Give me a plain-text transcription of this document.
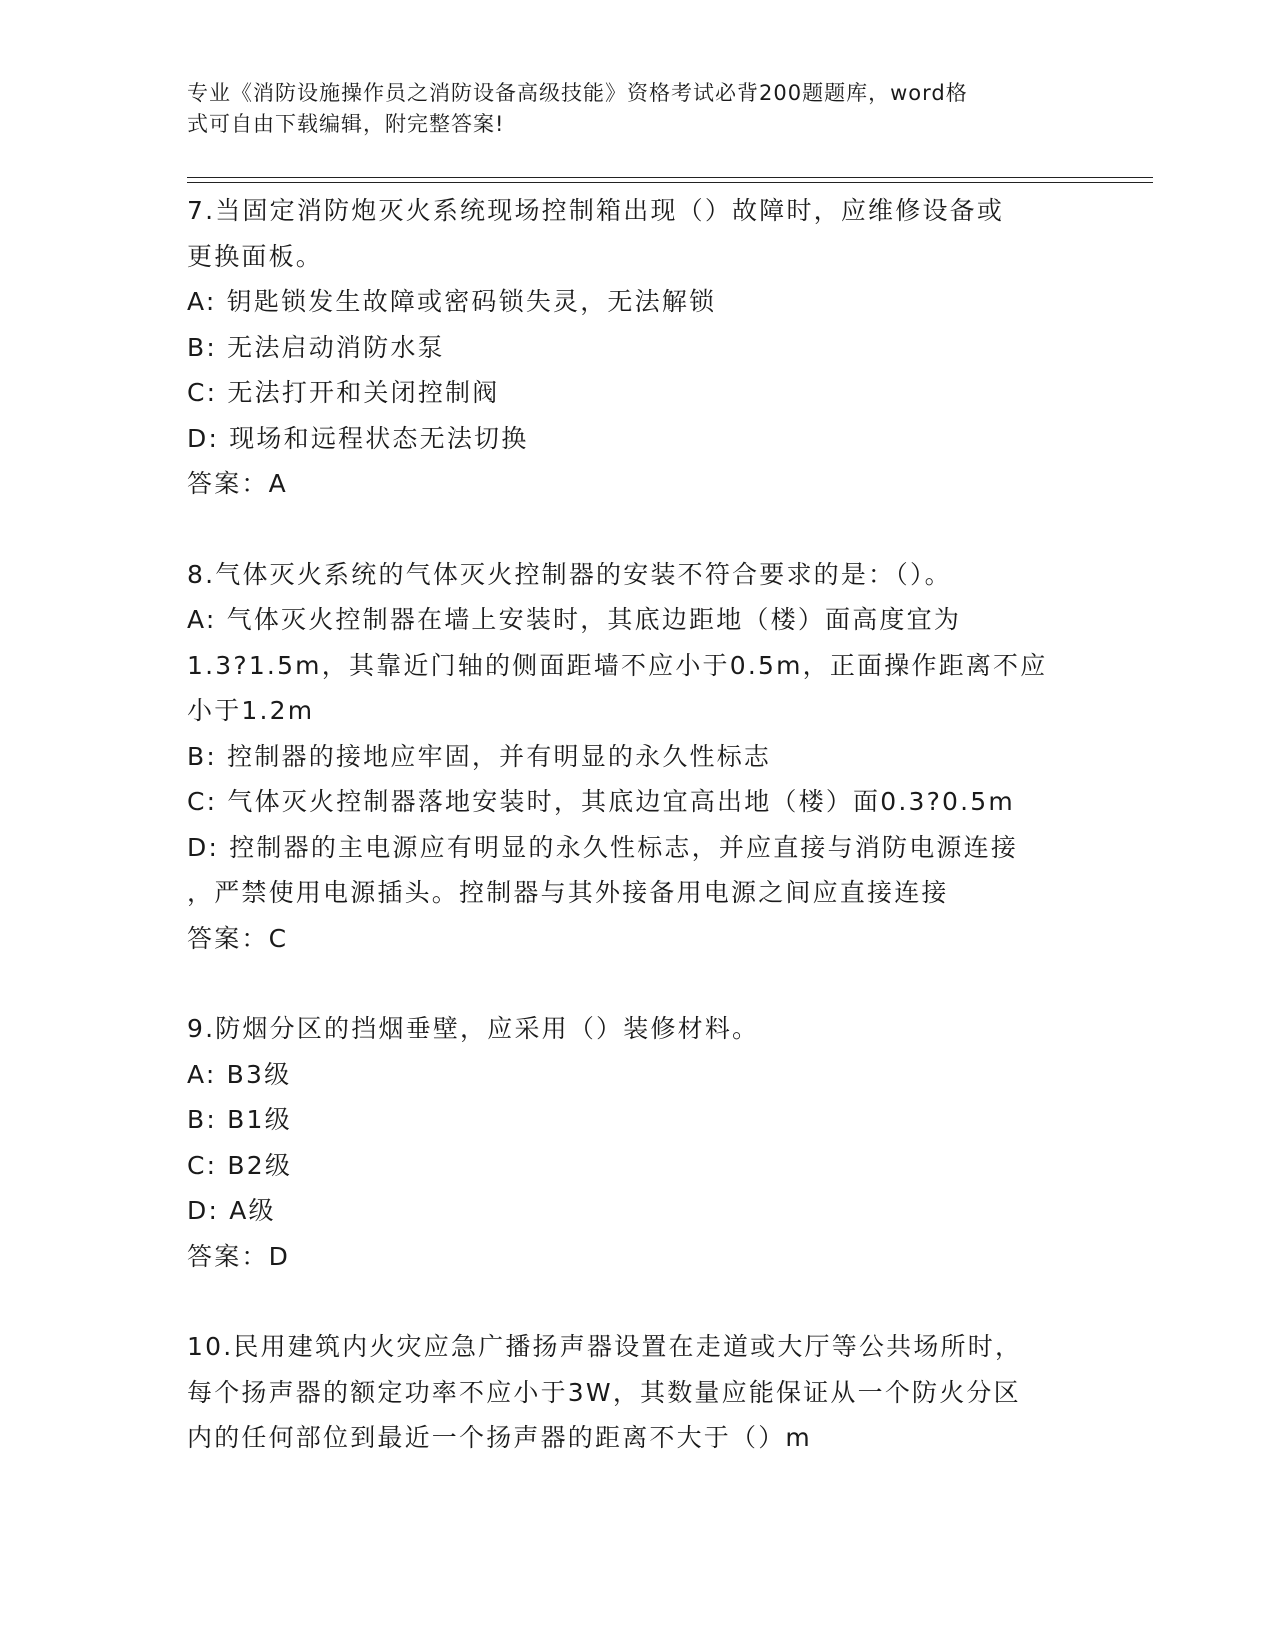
专业《消防设施操作员之消防设备高级技能》资格考试必背200题题库，word格
式可自由下载编辑，附完整答案!
7.当固定消防炮灭火系统现场控制箱出现（）故障时，应维修设备或
更换面板。
A: 钥匙锁发生故障或密码锁失灵，无法解锁
B: 无法启动消防水泵
C: 无法打开和关闭控制阀
D: 现场和远程状态无法切换
答案：A
8.气体灭火系统的气体灭火控制器的安装不符合要求的是：（）。
A: 气体灭火控制器在墙上安装时，其底边距地（楼）面高度宜为
1.3?1.5m，其靠近门轴的侧面距墙不应小于0.5m，正面操作距离不应
小于1.2m
B: 控制器的接地应牢固，并有明显的永久性标志
C: 气体灭火控制器落地安装时，其底边宜高出地（楼）面0.3?0.5m
D: 控制器的主电源应有明显的永久性标志，并应直接与消防电源连接
，严禁使用电源插头。控制器与其外接备用电源之间应直接连接
答案：C
9.防烟分区的挡烟垂壁，应采用（）装修材料。
A: B3级
B: B1级
C: B2级
D: A级
答案：D
10.民用建筑内火灾应急广播扬声器设置在走道或大厅等公共场所时，
每个扬声器的额定功率不应小于3W，其数量应能保证从一个防火分区
内的任何部位到最近一个扬声器的距离不大于（）m
